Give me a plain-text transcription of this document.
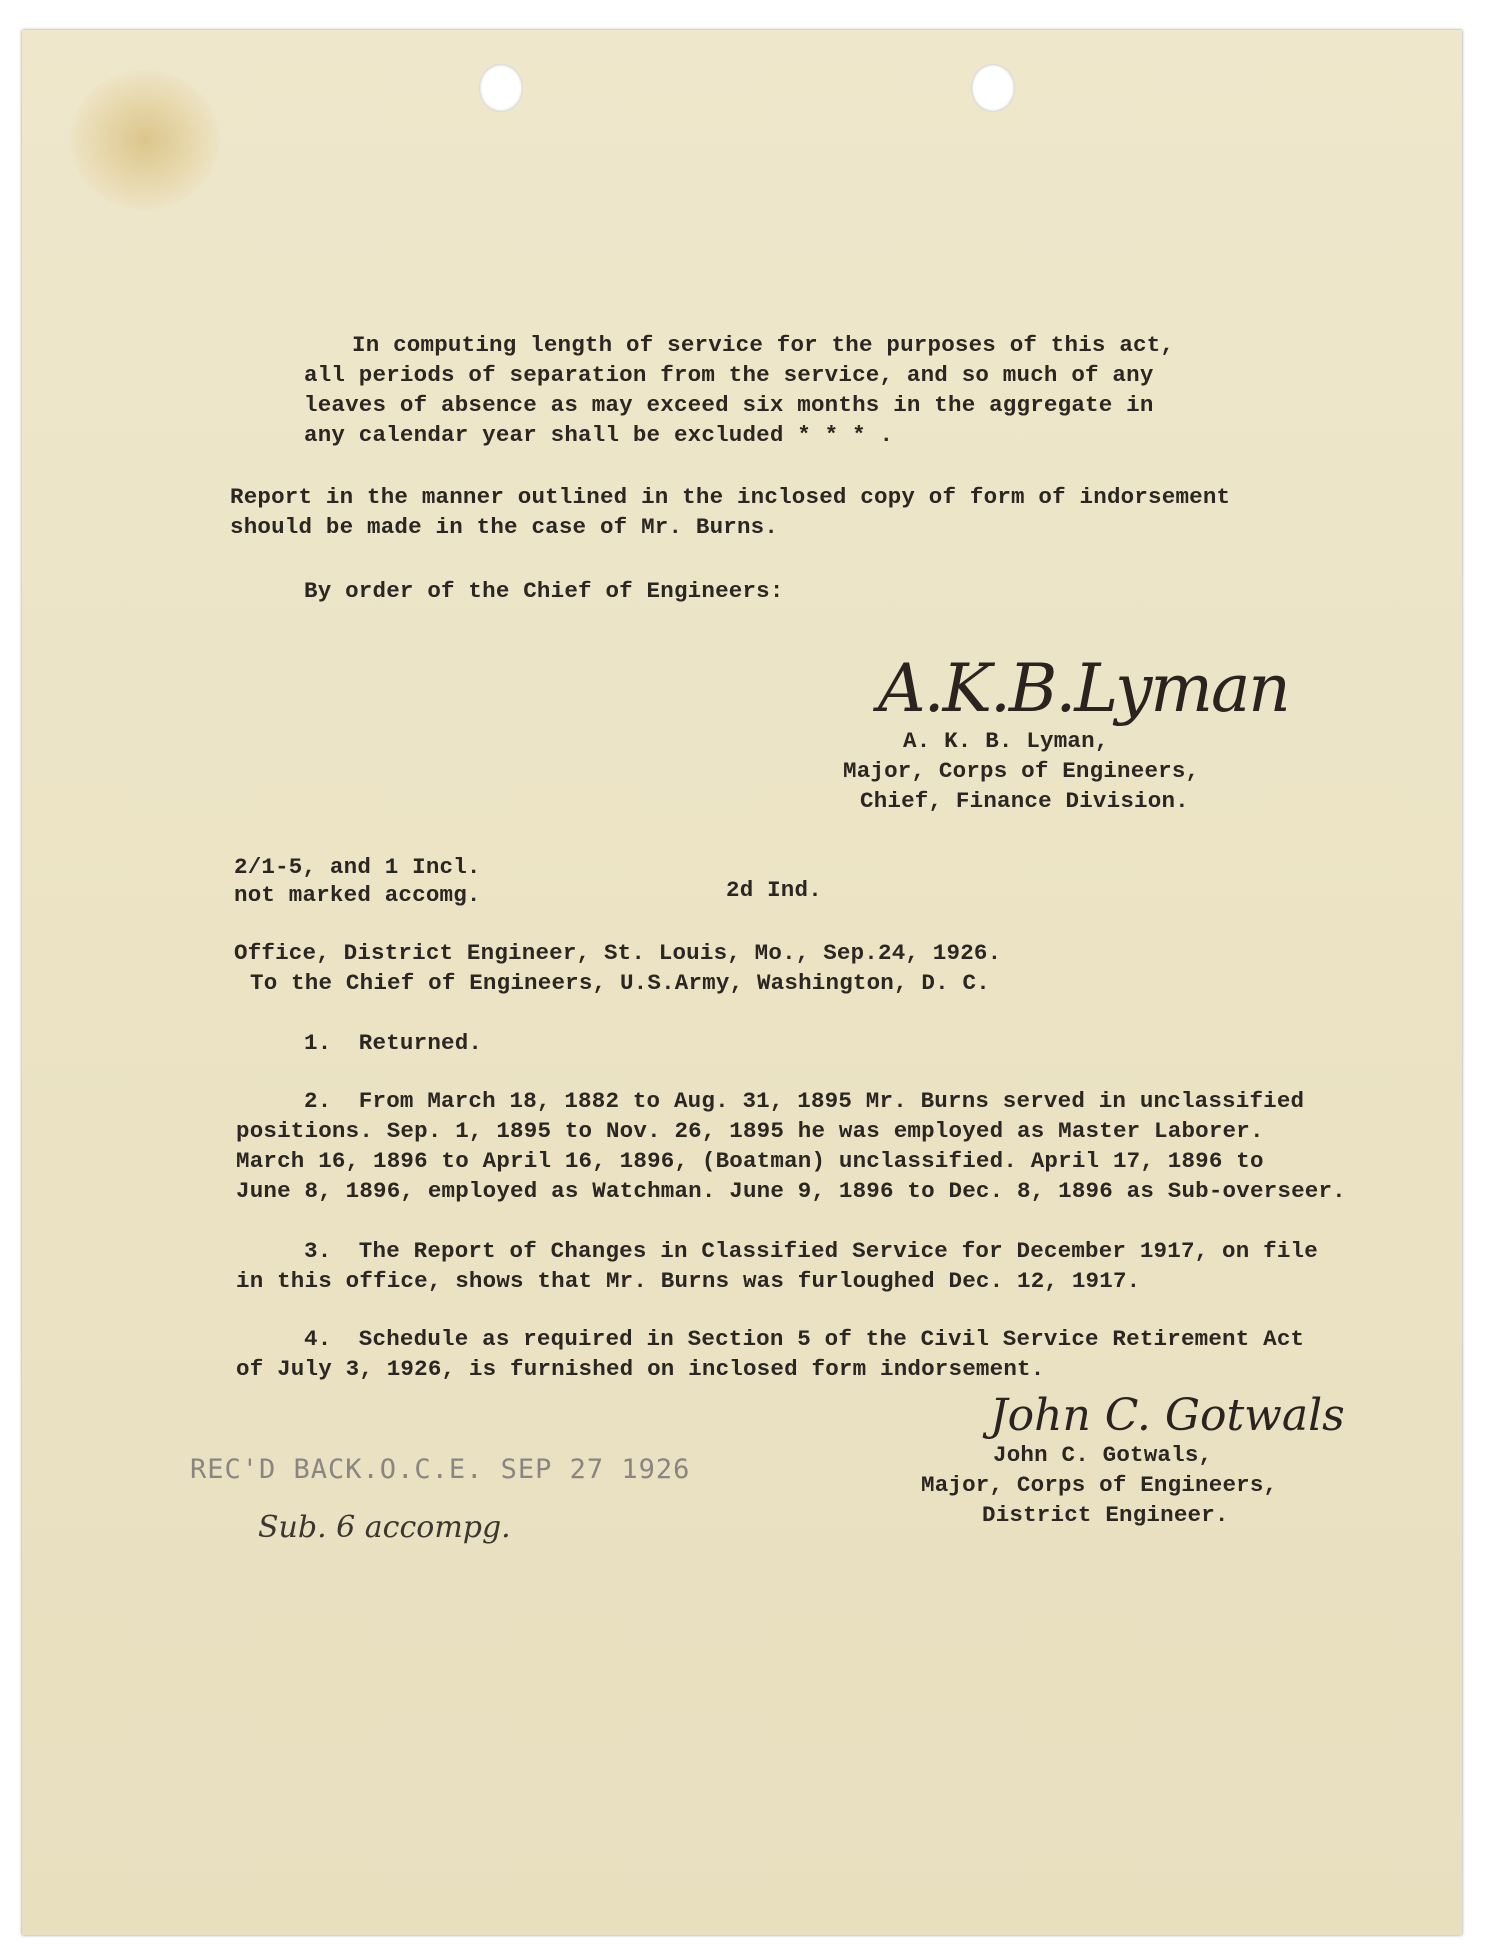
In computing length of service for the purposes of this act,

all periods of separation from the service, and so much of any

leaves of absence as may exceed six months in the aggregate in

any calendar year shall be excluded * * * .

Report in the manner outlined in the inclosed copy of form of indorsement

should be made in the case of Mr. Burns.

By order of the Chief of Engineers:

A.K.B.Lyman

A. K. B. Lyman,

Major, Corps of Engineers,

Chief, Finance Division.

2/1-5, and 1 Incl.

not marked accomg.	2d Ind.

Office, District Engineer, St. Louis, Mo., Sep.24, 1926.

To the Chief of Engineers, U.S.Army, Washington, D. C.

1.  Returned.

2.  From March 18, 1882 to Aug. 31, 1895 Mr. Burns served in unclassified

positions. Sep. 1, 1895 to Nov. 26, 1895 he was employed as Master Laborer.

March 16, 1896 to April 16, 1896, (Boatman) unclassified. April 17, 1896 to

June 8, 1896, employed as Watchman. June 9, 1896 to Dec. 8, 1896 as Sub-overseer.

3.  The Report of Changes in Classified Service for December 1917, on file

in this office, shows that Mr. Burns was furloughed Dec. 12, 1917.

4.  Schedule as required in Section 5 of the Civil Service Retirement Act

of July 3, 1926, is furnished on inclosed form indorsement.

John C. Gotwals

John C. Gotwals,

Major, Corps of Engineers,

District Engineer.

REC'D BACK.O.C.E. SEP 27 1926

Sub. 6 accompg.
